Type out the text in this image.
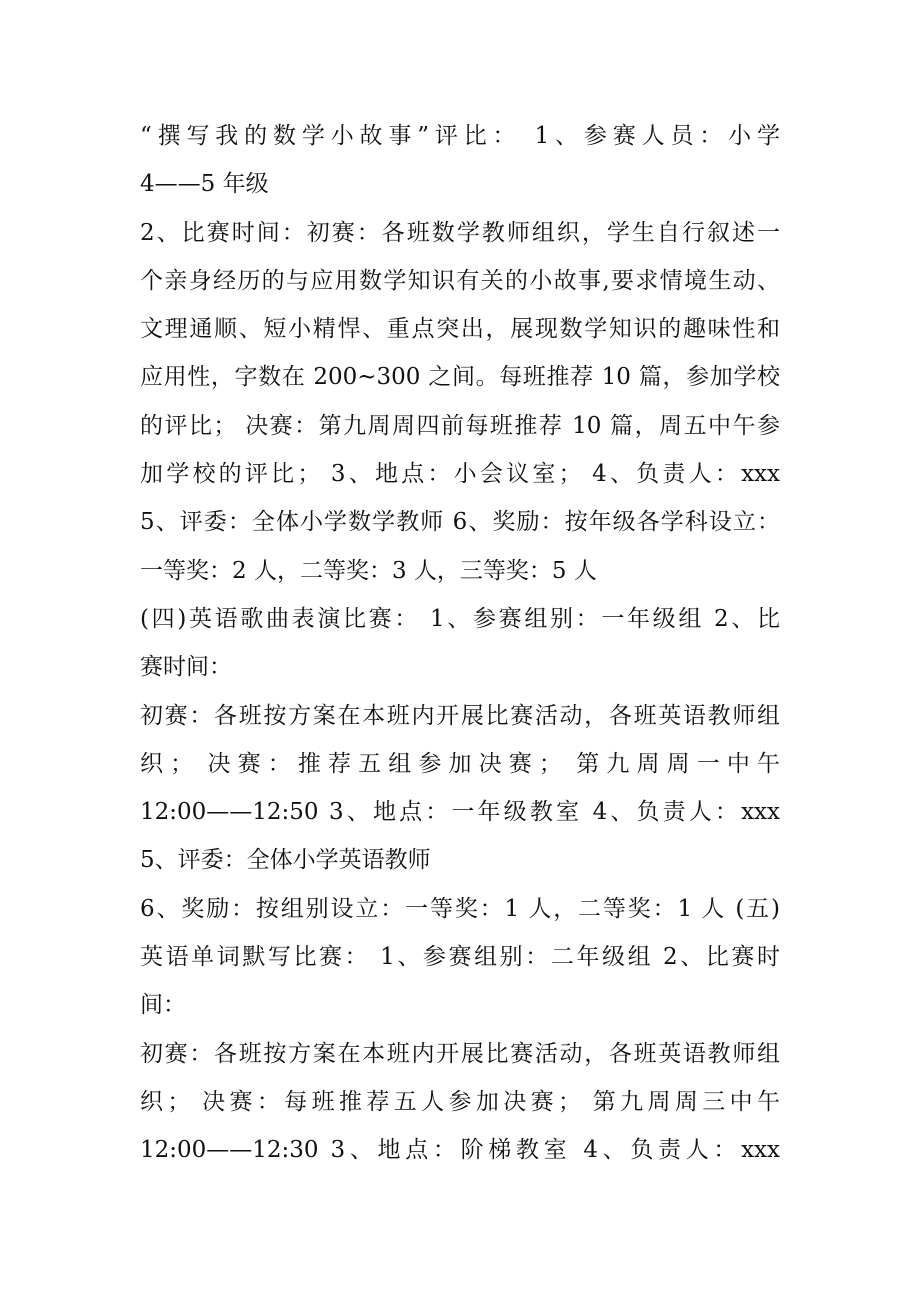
“撰写我的数学小故事”评比： 1、参赛人员：小学
4——5 年级
2、比赛时间：初赛：各班数学教师组织，学生自行叙述一
个亲身经历的与应用数学知识有关的小故事,要求情境生动、
文理通顺、短小精悍、重点突出，展现数学知识的趣味性和
应用性，字数在 200~300 之间。每班推荐 10 篇，参加学校
的评比； 决赛：第九周周四前每班推荐 10 篇，周五中午参
加学校的评比； 3、地点：小会议室； 4、负责人：xxx
5、评委：全体小学数学教师 6、奖励：按年级各学科设立：
一等奖：2 人，二等奖：3 人，三等奖：5 人
(四)英语歌曲表演比赛： 1、参赛组别：一年级组 2、比
赛时间：
初赛：各班按方案在本班内开展比赛活动，各班英语教师组
织； 决赛：推荐五组参加决赛； 第九周周一中午
12:00——12:50 3、地点：一年级教室 4、负责人：xxx
5、评委：全体小学英语教师
6、奖励：按组别设立：一等奖：1 人，二等奖：1 人 (五)
英语单词默写比赛： 1、参赛组别：二年级组 2、比赛时
间：
初赛：各班按方案在本班内开展比赛活动，各班英语教师组
织； 决赛：每班推荐五人参加决赛； 第九周周三中午
12:00——12:30 3、地点：阶梯教室 4、负责人：xxx
